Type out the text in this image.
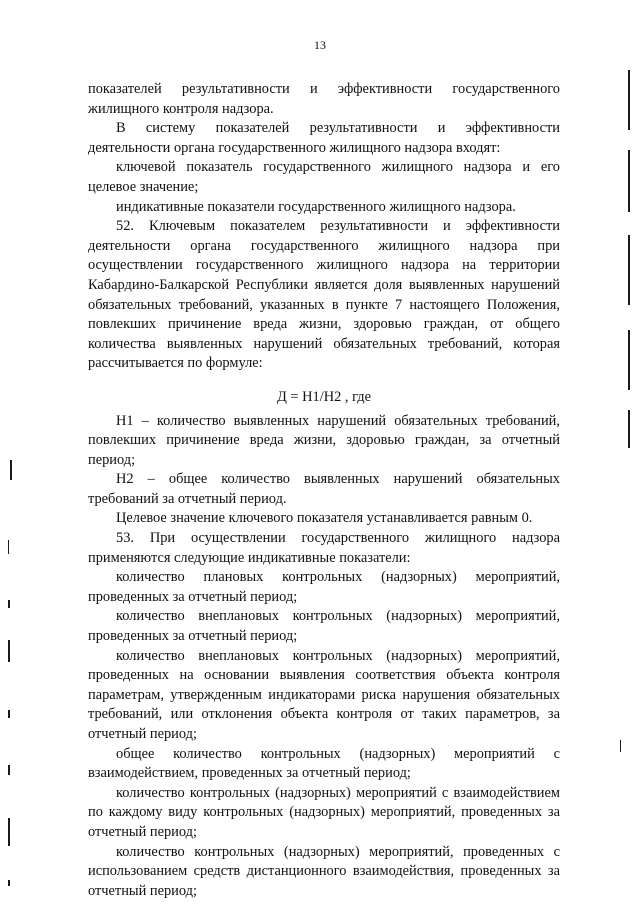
13

показателей результативности и эффективности государственного жилищного контроля надзора.

В систему показателей результативности и эффективности деятельности органа государственного жилищного надзора входят:

ключевой показатель государственного жилищного надзора и его целевое значение;

индикативные показатели государственного жилищного надзора.

52. Ключевым показателем результативности и эффективности деятельности органа государственного жилищного надзора при осуществлении государственного жилищного надзора на территории Кабардино-Балкарской Республики является доля выявленных нарушений обязательных требований, указанных в пункте 7 настоящего Положения, повлекших причинение вреда жизни, здоровью граждан, от общего количества выявленных нарушений обязательных требований, которая рассчитывается по формуле:

Д = Н1/Н2 , где

Н1 – количество выявленных нарушений обязательных требований, повлекших причинение вреда жизни, здоровью граждан, за отчетный период;

Н2 – общее количество выявленных нарушений обязательных требований за отчетный период.

Целевое значение ключевого показателя устанавливается равным 0.

53. При осуществлении государственного жилищного надзора применяются следующие индикативные показатели:

количество плановых контрольных (надзорных) мероприятий, проведенных за отчетный период;

количество внеплановых контрольных (надзорных) мероприятий, проведенных за отчетный период;

количество внеплановых контрольных (надзорных) мероприятий, проведенных на основании выявления соответствия объекта контроля параметрам, утвержденным индикаторами риска нарушения обязательных требований, или отклонения объекта контроля от таких параметров, за отчетный период;

общее количество контрольных (надзорных) мероприятий с взаимодействием, проведенных за отчетный период;

количество контрольных (надзорных) мероприятий с взаимодействием по каждому виду контрольных (надзорных) мероприятий, проведенных за отчетный период;

количество контрольных (надзорных) мероприятий, проведенных с использованием средств дистанционного взаимодействия, проведенных за отчетный период;
